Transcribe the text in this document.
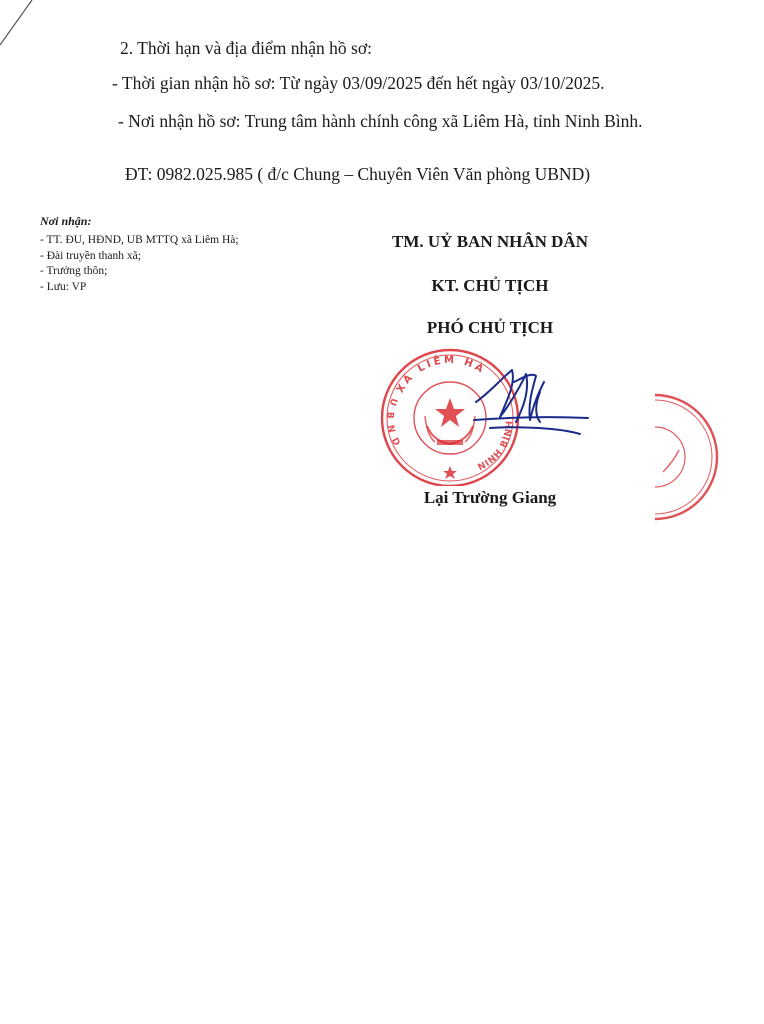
2. Thời hạn và địa điểm nhận hồ sơ:
- Thời gian nhận hồ sơ: Từ ngày 03/09/2025 đến hết ngày 03/10/2025.
- Nơi nhận hồ sơ: Trung tâm hành chính công xã Liêm Hà, tỉnh Ninh Bình.
ĐT: 0982.025.985 ( đ/c Chung – Chuyên Viên Văn phòng UBND)
Nơi nhận:
- TT. ĐU, HĐND, UB MTTQ xã Liêm Hà;
- Đài truyền thanh xã;
- Trưởng thôn;
- Lưu: VP
TM. UỶ BAN NHÂN DÂN
KT. CHỦ TỊCH
PHÓ CHỦ TỊCH
XÃ LIÊM HÀ
U B N D
NINH BÌNH
Lại Trường Giang
